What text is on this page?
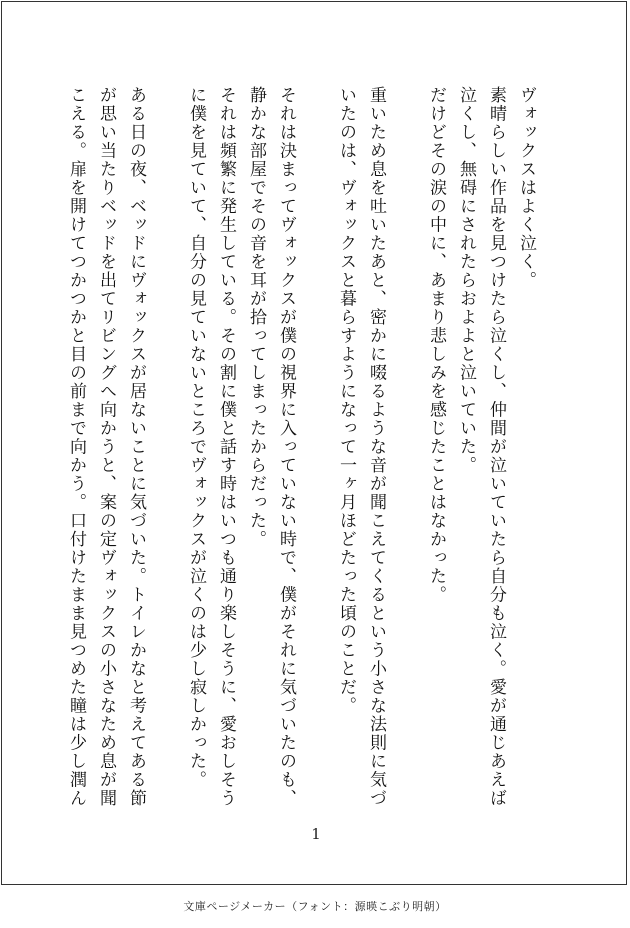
ヴォックスはよく泣く。

素晴らしい作品を見つけたら泣くし、仲間が泣いていたら自分も泣く。愛が通じあえば

泣くし、無碍にされたらおよよと泣いていた。

だけどその涙の中に、あまり悲しみを感じたことはなかった。

重いため息を吐いたあと、密かに啜るような音が聞こえてくるという小さな法則に気づ

いたのは、ヴォックスと暮らすようになって一ヶ月ほどたった頃のことだ。

それは決まってヴォックスが僕の視界に入っていない時で、僕がそれに気づいたのも、

静かな部屋でその音を耳が拾ってしまったからだった。

それは頻繁に発生している。その割に僕と話す時はいつも通り楽しそうに、愛おしそう

に僕を見ていて、自分の見ていないところでヴォックスが泣くのは少し寂しかった。

ある日の夜、ベッドにヴォックスが居ないことに気づいた。トイレかなと考えてある節

が思い当たりベッドを出てリビングへ向かうと、案の定ヴォックスの小さなため息が聞

こえる。扉を開けてつかつかと目の前まで向かう。口付けたまま見つめた瞳は少し潤ん

1
文庫ページメーカー（フォント：源暎こぶり明朝）
